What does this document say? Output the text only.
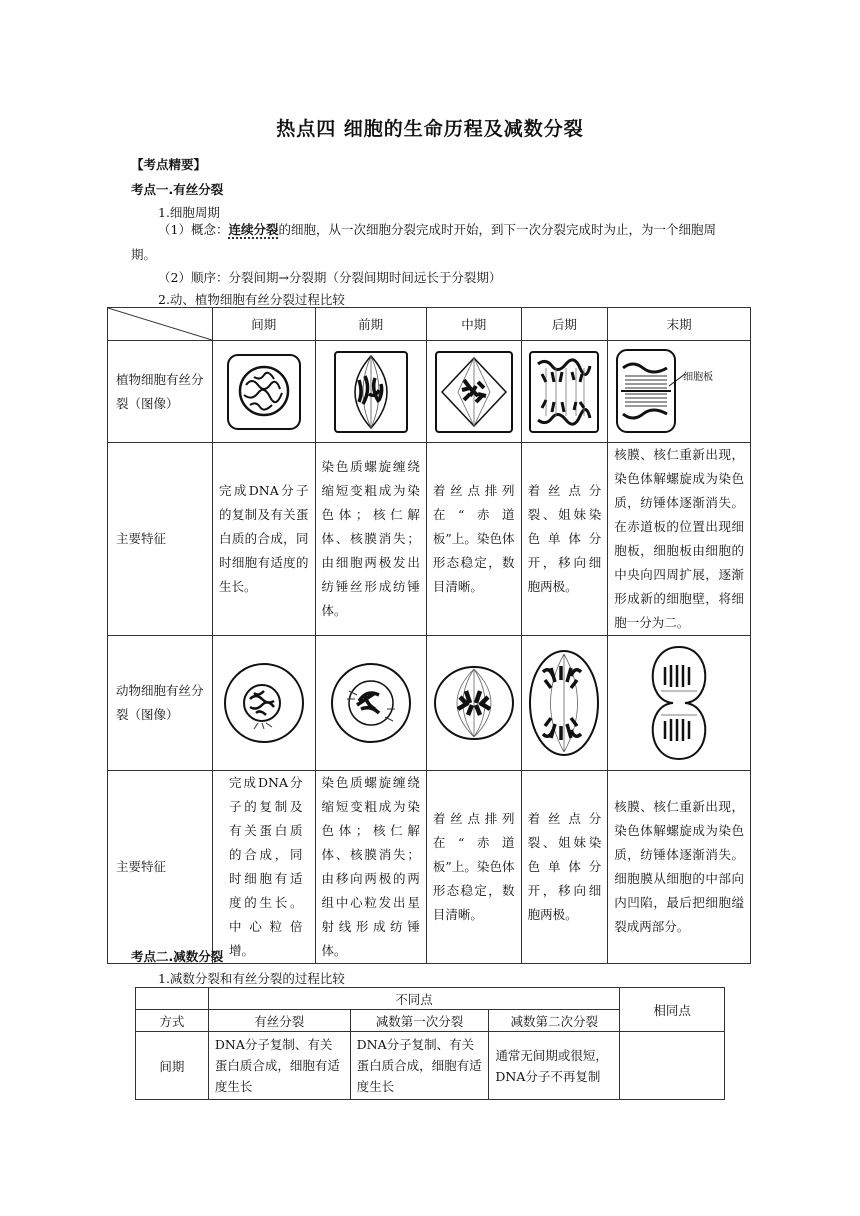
热点四 细胞的生命历程及减数分裂
【考点精要】
考点一.有丝分裂
1.细胞周期
（1）概念：连续分裂的细胞，从一次细胞分裂完成时开始，到下一次分裂完成时为止，为一个细胞周
期。
（2）顺序：分裂间期→分裂期（分裂间期时间远长于分裂期）
2.动、植物细胞有丝分裂过程比较
	间期	前期	中期	后期	末期
植物细胞有丝分裂（图像）					细胞板

主要特征	完成DNA分子的复制及有关蛋白质的合成，同时细胞有适度的生长。	染色质螺旋缠绕缩短变粗成为染色体；核仁解体、核膜消失；由细胞两极发出纺锤丝形成纺锤体。	着丝点排列在“赤道板”上。染色体形态稳定，数目清晰。	着丝点分裂、姐妹染色单体分开，移向细胞两极。	核膜、核仁重新出现，染色体解螺旋成为染色质，纺锤体逐渐消失。在赤道板的位置出现细胞板，细胞板由细胞的中央向四周扩展，逐渐形成新的细胞壁，将细胞一分为二。
动物细胞有丝分裂（图像）	

主要特征	完成DNA分子的复制及有关蛋白质的合成，同时细胞有适度的生长。中心粒倍增。	染色质螺旋缠绕缩短变粗成为染色体；核仁解体、核膜消失；由移向两极的两组中心粒发出星射线形成纺锤体。	着丝点排列在“赤道板”上。染色体形态稳定，数目清晰。	着丝点分裂、姐妹染色单体分开，移向细胞两极。	核膜、核仁重新出现，染色体解螺旋成为染色质，纺锤体逐渐消失。细胞膜从细胞的中部向内凹陷，最后把细胞缢裂成两部分。
考点二.减数分裂
1.减数分裂和有丝分裂的过程比较
	不同点			相同点
方式	有丝分裂	减数第一次分裂	减数第二次分裂	
间期	DNA分子复制、有关蛋白质合成，细胞有适度生长	DNA分子复制、有关蛋白质合成，细胞有适度生长	通常无间期或很短，DNA分子不再复制	
